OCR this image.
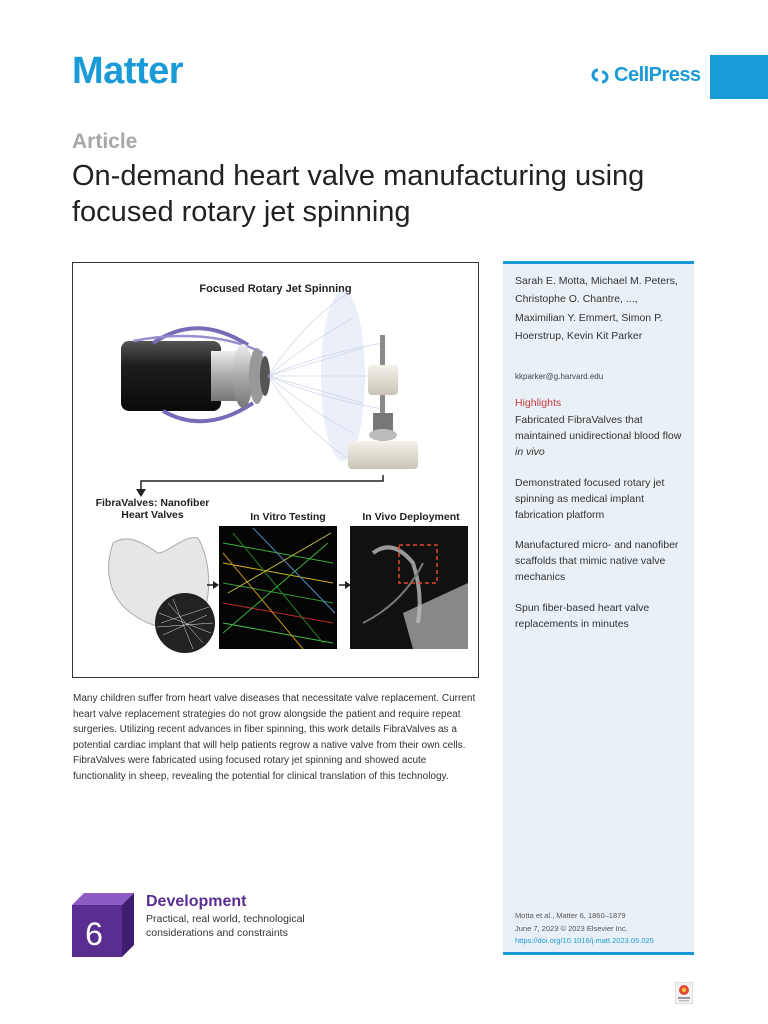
Matter	CellPress
Article
On-demand heart valve manufacturing using focused rotary jet spinning
Focused Rotary Jet Spinning
FibraValves: Nanofiber Heart Valves	In Vitro Testing	In Vivo Deployment
Many children suffer from heart valve diseases that necessitate valve replacement. Current heart valve replacement strategies do not grow alongside the patient and require repeat surgeries. Utilizing recent advances in fiber spinning, this work details FibraValves as a potential cardiac implant that will help patients regrow a native valve from their own cells. FibraValves were fabricated using focused rotary jet spinning and showed acute functionality in sheep, revealing the potential for clinical translation of this technology.
Sarah E. Motta, Michael M. Peters, Christophe O. Chantre, ..., Maximilian Y. Emmert, Simon P. Hoerstrup, Kevin Kit Parker
kkparker@g.harvard.edu
Highlights
Fabricated FibraValves that maintained unidirectional blood flow in vivo
Demonstrated focused rotary jet spinning as medical implant fabrication platform
Manufactured micro- and nanofiber scaffolds that mimic native valve mechanics
Spun fiber-based heart valve replacements in minutes
Motta et al., Matter 6, 1860–1879
June 7, 2023 © 2023 Elsevier Inc.
https://doi.org/10.1016/j.matt.2023.05.025
6
Development
Practical, real world, technological considerations and constraints
